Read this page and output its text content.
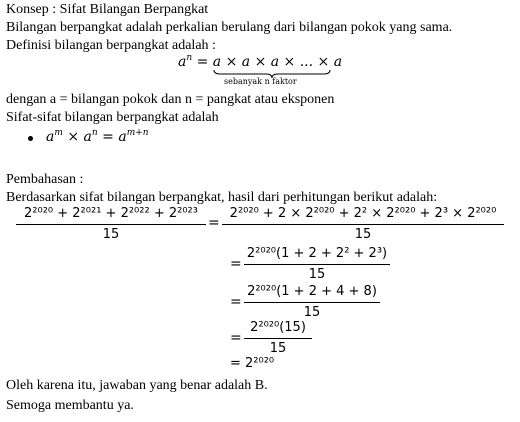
Konsep : Sifat Bilangan Berpangkat
Bilangan berpangkat adalah perkalian berulang dari bilangan pokok yang sama.
Definisi bilangan berpangkat adalah :
$a^n = a \times a \times a$ × ... × a
sebanyak n faktor
dengan a = bilangan pokok dan n = pangkat atau eksponen
Sifat-sifat bilangan berpangkat adalah
$a^m \times a^n = a^{m+n}$
Pembahasan :
Berdasarkan sifat bilangan berpangkat, hasil dari perhitungan berikut adalah:
2²⁰²⁰ + 2²⁰²¹ + 2²⁰²² + 2²⁰²³
15
=
2²⁰²⁰ + 2 × 2²⁰²⁰ + 2² × 2²⁰²⁰ + 2³ × 2²⁰²⁰
15
=
2²⁰²⁰(1 + 2 + 2² + 2³)
15
=
2²⁰²⁰(1 + 2 + 4 + 8)
15
=
2²⁰²⁰(15)
15
= 2²⁰²⁰
Oleh karena itu, jawaban yang benar adalah B.
Semoga membantu ya.
